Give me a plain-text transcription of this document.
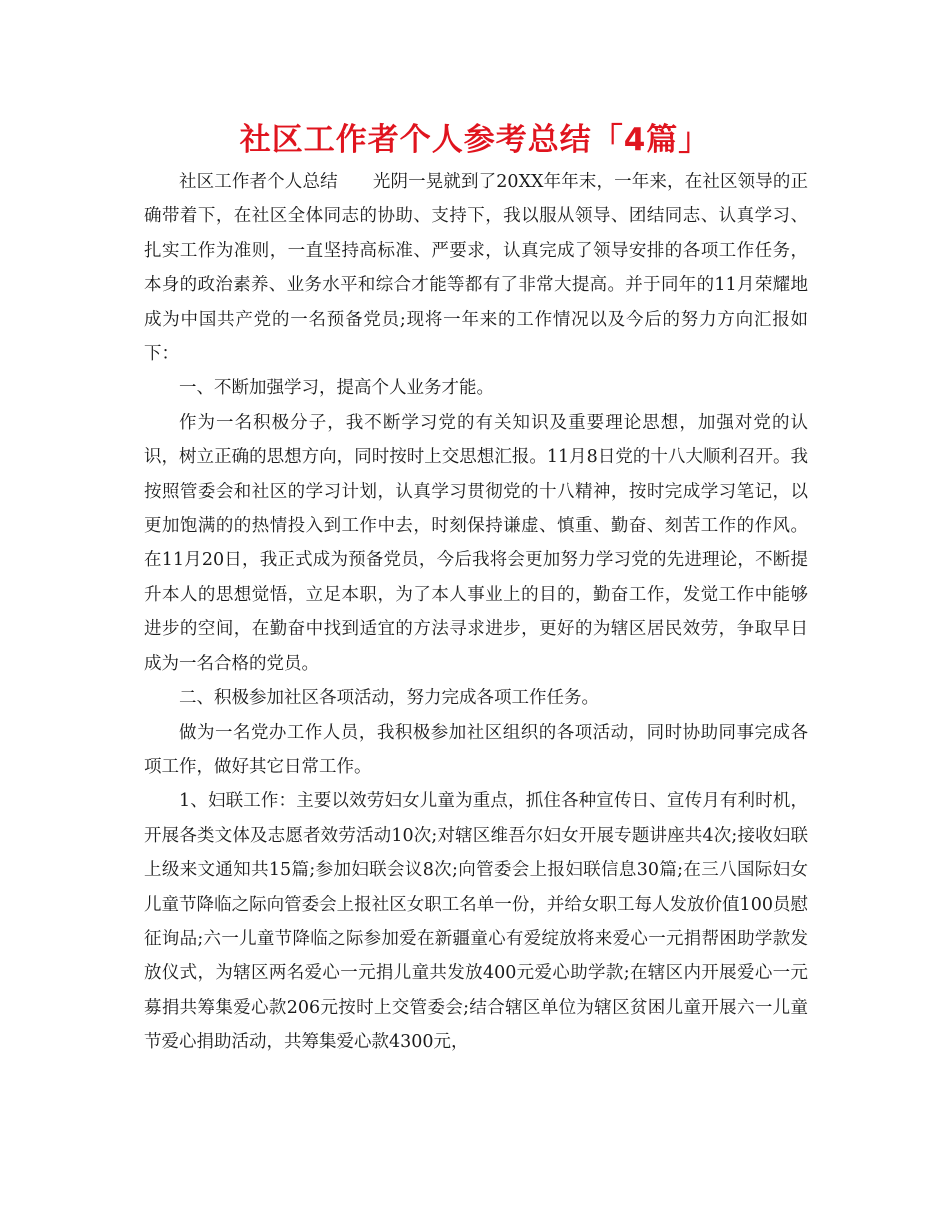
社区工作者个人参考总结「4篇」

社区工作者个人总结 光阴一晃就到了20XX年年末，一年来，在社区领导的正确带着下，在社区全体同志的协助、支持下，我以服从领导、团结同志、认真学习、扎实工作为准则，一直坚持高标准、严要求，认真完成了领导安排的各项工作任务，本身的政治素养、业务水平和综合才能等都有了非常大提高。并于同年的11月荣耀地成为中国共产党的一名预备党员;现将一年来的工作情况以及今后的努力方向汇报如下：

一、不断加强学习，提高个人业务才能。

作为一名积极分子，我不断学习党的有关知识及重要理论思想，加强对党的认识，树立正确的思想方向，同时按时上交思想汇报。11月8日党的十八大顺利召开。我按照管委会和社区的学习计划，认真学习贯彻党的十八精神，按时完成学习笔记，以更加饱满的的热情投入到工作中去，时刻保持谦虚、慎重、勤奋、刻苦工作的作风。在11月20日，我正式成为预备党员，今后我将会更加努力学习党的先进理论，不断提升本人的思想觉悟，立足本职，为了本人事业上的目的，勤奋工作，发觉工作中能够进步的空间，在勤奋中找到适宜的方法寻求进步，更好的为辖区居民效劳，争取早日成为一名合格的党员。

二、积极参加社区各项活动，努力完成各项工作任务。

做为一名党办工作人员，我积极参加社区组织的各项活动，同时协助同事完成各项工作，做好其它日常工作。

1、妇联工作：主要以效劳妇女儿童为重点，抓住各种宣传日、宣传月有利时机，开展各类文体及志愿者效劳活动10次;对辖区维吾尔妇女开展专题讲座共4次;接收妇联上级来文通知共15篇;参加妇联会议8次;向管委会上报妇联信息30篇;在三八国际妇女儿童节降临之际向管委会上报社区女职工名单一份，并给女职工每人发放价值100员慰征询品;六一儿童节降临之际参加爱在新疆童心有爱绽放将来爱心一元捐帮困助学款发放仪式，为辖区两名爱心一元捐儿童共发放400元爱心助学款;在辖区内开展爱心一元募捐共筹集爱心款206元按时上交管委会;结合辖区单位为辖区贫困儿童开展六一儿童节爱心捐助活动，共筹集爱心款4300元，
